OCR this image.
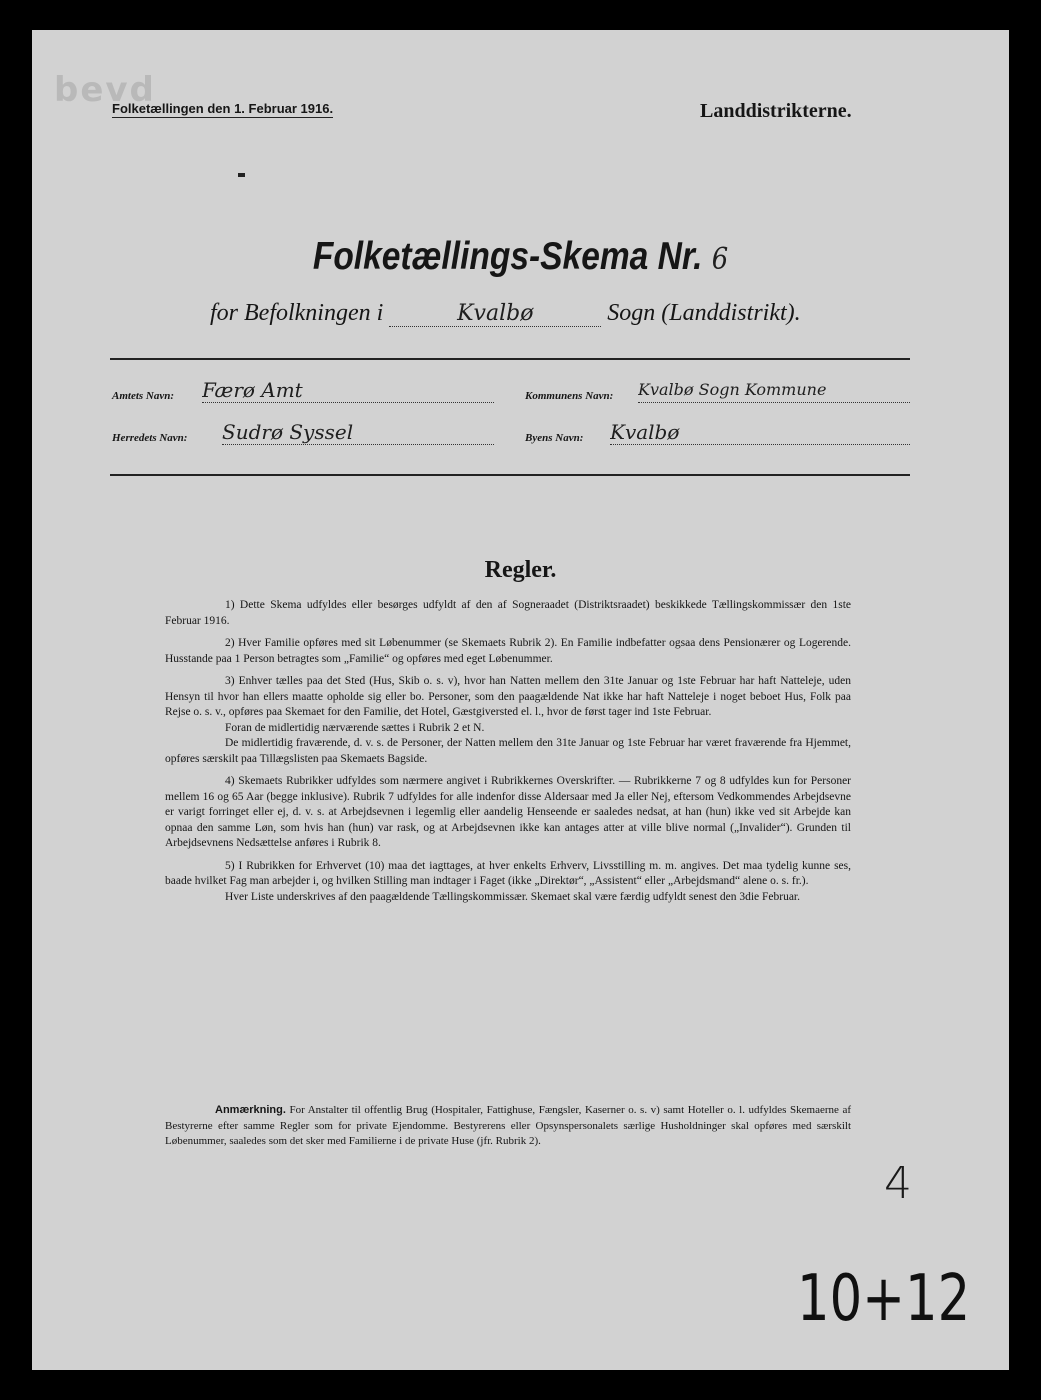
bevd
Folketællingen den 1. Februar 1916.	Landdistrikterne.
Folketællings-Skema Nr. 6
for Befolkningen i	Kvalbø	Sogn (Landdistrikt).
Amtets Navn: Færø Amt	Kommunens Navn: Kvalbø Sogn Kommune
Herredets Navn: Sudrø Syssel	Byens Navn: Kvalbø
Regler.

1) Dette Skema udfyldes eller besørges udfyldt af den af Sogneraadet (Distriktsraadet) beskikkede Tællingskommissær den 1ste Februar 1916.

2) Hver Familie opføres med sit Løbenummer (se Skemaets Rubrik 2). En Familie indbefatter ogsaa dens Pensionærer og Logerende. Husstande paa 1 Person betragtes som „Familie“ og opføres med eget Løbenummer.

3) Enhver tælles paa det Sted (Hus, Skib o. s. v), hvor han Natten mellem den 31te Januar og 1ste Februar har haft Natteleje, uden Hensyn til hvor han ellers maatte opholde sig eller bo. Personer, som den paagældende Nat ikke har haft Natteleje i noget beboet Hus, Folk paa Rejse o. s. v., opføres paa Skemaet for den Familie, det Hotel, Gæstgiversted el. l., hvor de først tager ind 1ste Februar.

Foran de midlertidig nærværende sættes i Rubrik 2 et N.

De midlertidig fraværende, d. v. s. de Personer, der Natten mellem den 31te Januar og 1ste Februar har været fraværende fra Hjemmet, opføres særskilt paa Tillægslisten paa Skemaets Bagside.

4) Skemaets Rubrikker udfyldes som nærmere angivet i Rubrikkernes Overskrifter. — Rubrikkerne 7 og 8 udfyldes kun for Personer mellem 16 og 65 Aar (begge inklusive). Rubrik 7 udfyldes for alle indenfor disse Aldersaar med Ja eller Nej, eftersom Vedkommendes Arbejdsevne er varigt forringet eller ej, d. v. s. at Arbejdsevnen i legemlig eller aandelig Henseende er saaledes nedsat, at han (hun) ikke ved sit Arbejde kan opnaa den samme Løn, som hvis han (hun) var rask, og at Arbejdsevnen ikke kan antages atter at ville blive normal („Invalider“). Grunden til Arbejdsevnens Nedsættelse anføres i Rubrik 8.

5) I Rubrikken for Erhvervet (10) maa det iagttages, at hver enkelts Erhverv, Livsstilling m. m. angives. Det maa tydelig kunne ses, baade hvilket Fag man arbejder i, og hvilken Stilling man indtager i Faget (ikke „Direktør“, „Assistent“ eller „Arbejdsmand“ alene o. s. fr.).

Hver Liste underskrives af den paagældende Tællingskommissær. Skemaet skal være færdig udfyldt senest den 3die Februar.

Anmærkning. For Anstalter til offentlig Brug (Hospitaler, Fattighuse, Fængsler, Kaserner o. s. v) samt Hoteller o. l. udfyldes Skemaerne af Bestyrerne efter samme Regler som for private Ejendomme. Bestyrerens eller Opsynspersonalets særlige Husholdninger skal opføres med særskilt Løbenummer, saaledes som det sker med Familierne i de private Huse (jfr. Rubrik 2).
4
10+12
